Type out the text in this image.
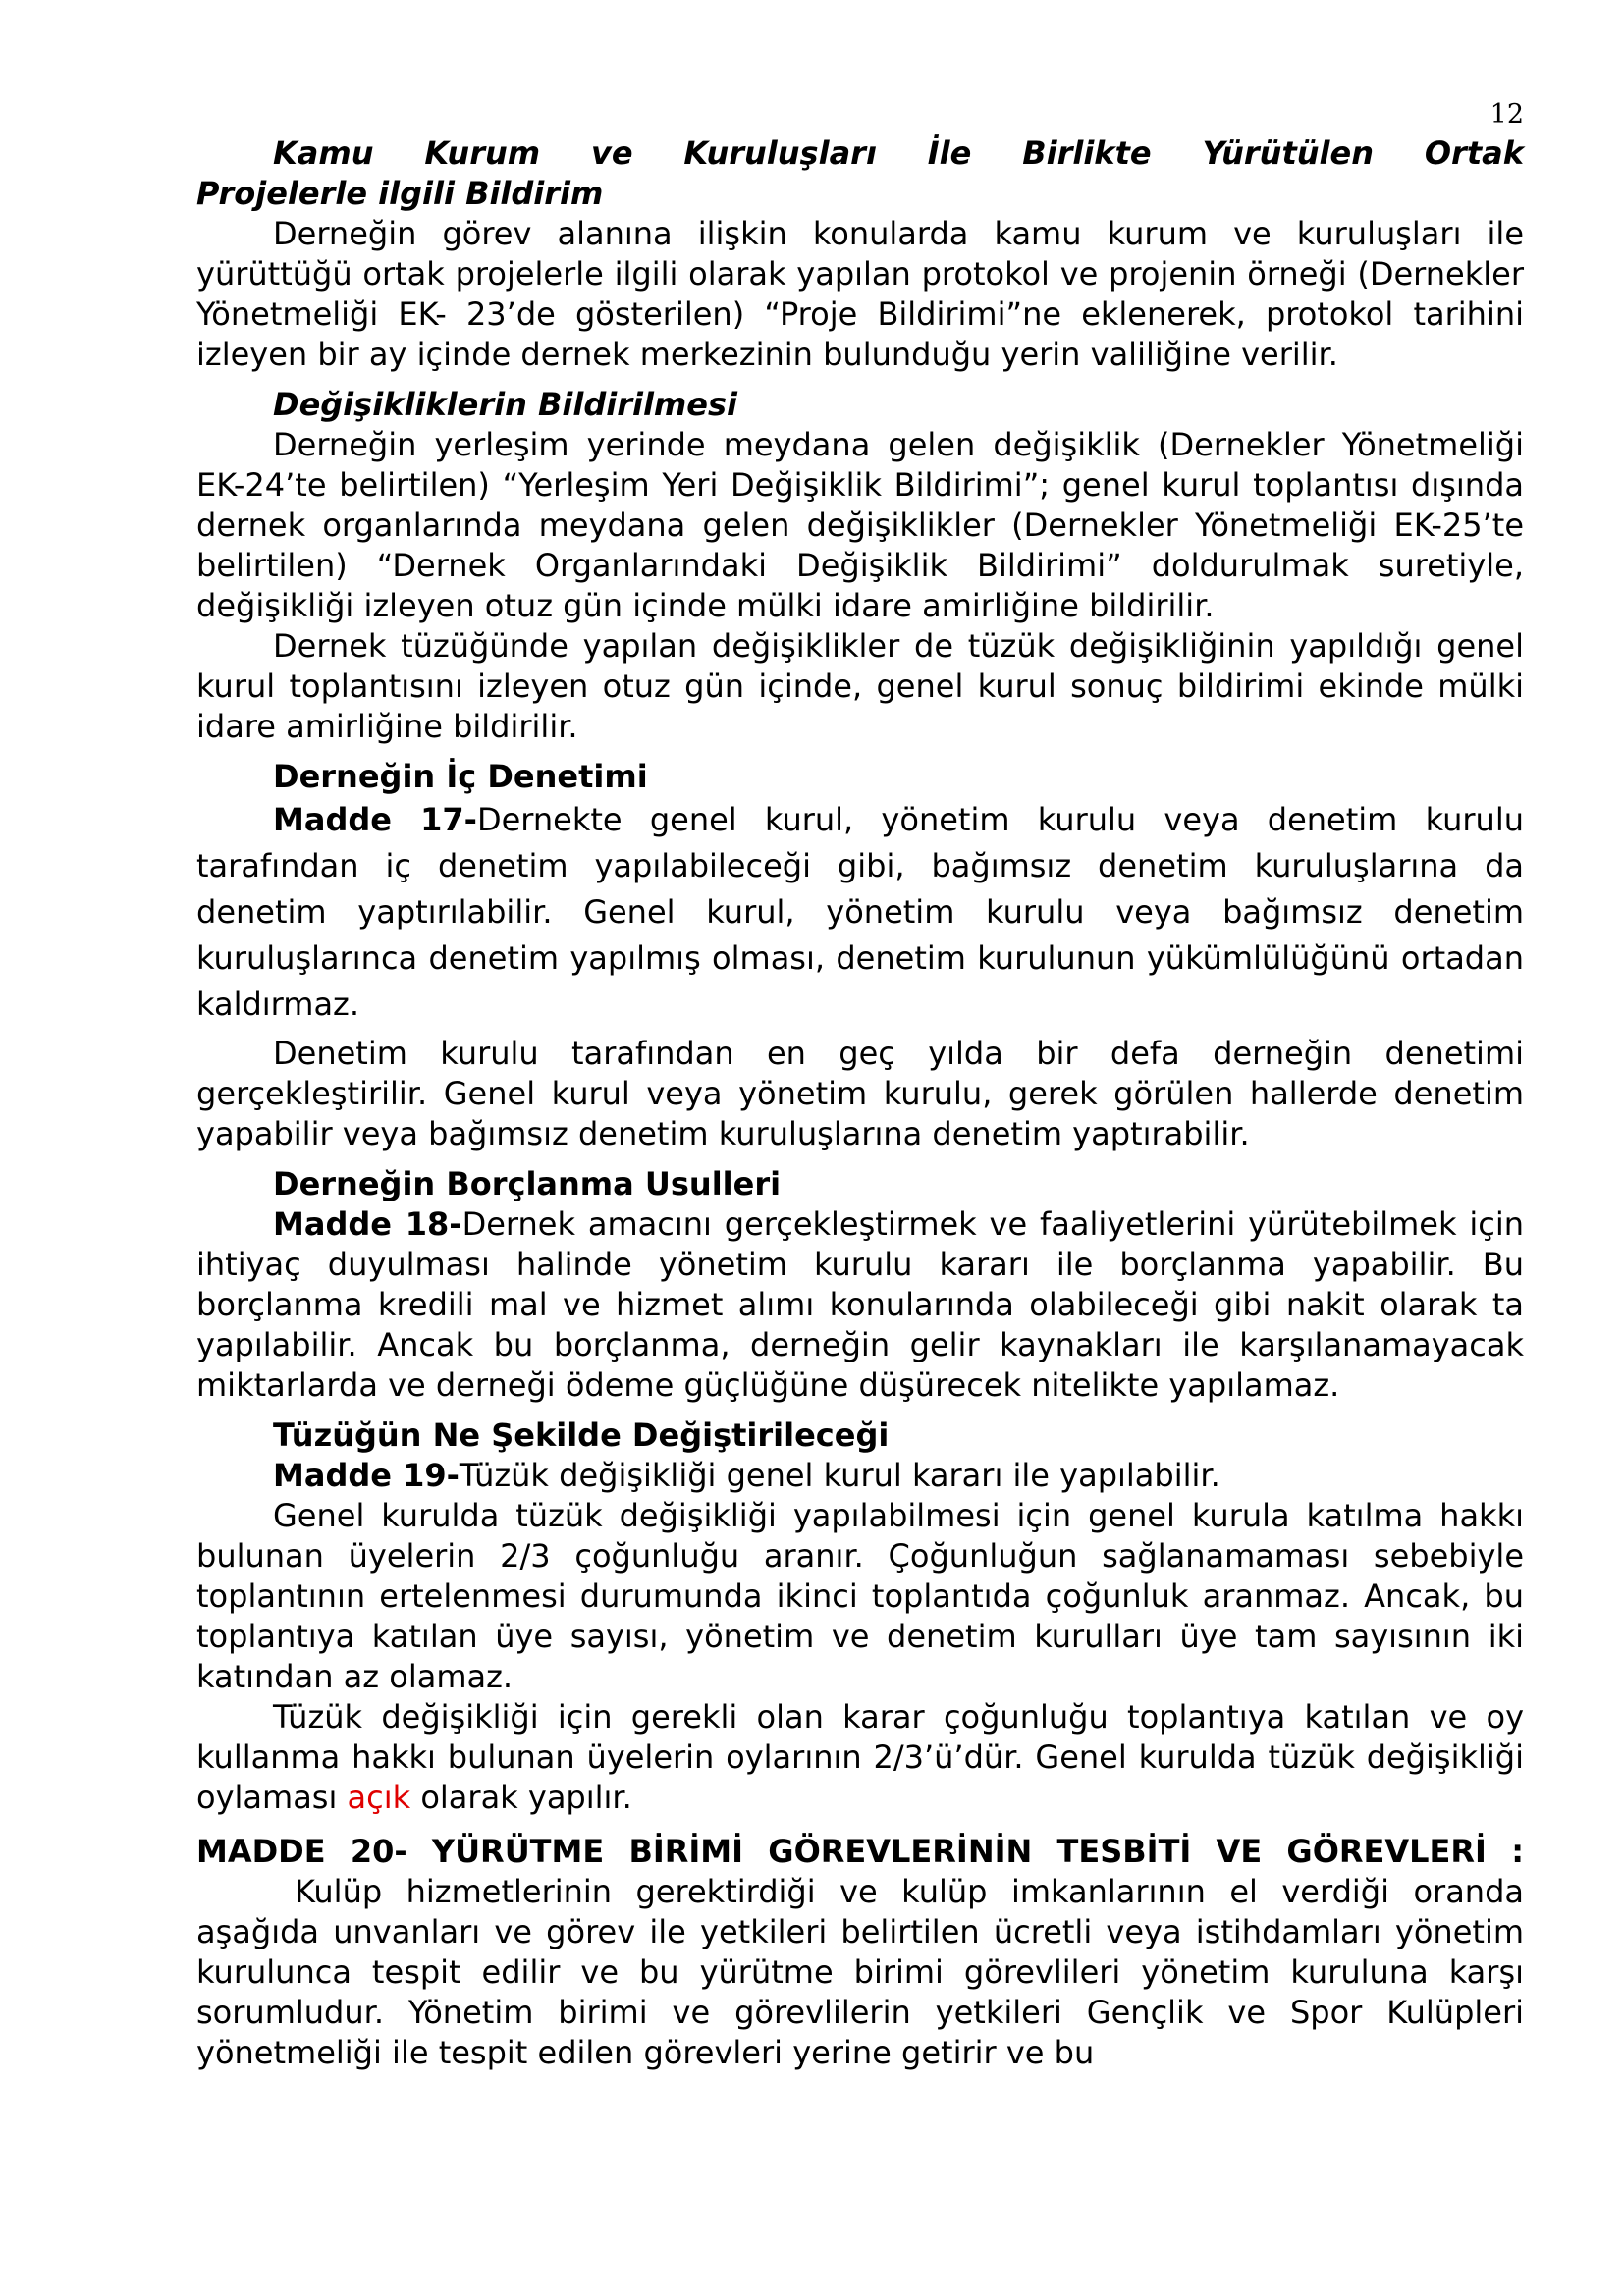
12

Kamu Kurum ve Kuruluşları İle Birlikte Yürütülen Ortak

Projelerle ilgili Bildirim

Derneğin görev alanına ilişkin konularda kamu kurum ve kuruluşları ile yürüttüğü ortak projelerle ilgili olarak yapılan protokol ve projenin örneği (Dernekler Yönetmeliği EK- 23’de gösterilen) “Proje Bildirimi”ne eklenerek, protokol tarihini izleyen bir ay içinde dernek merkezinin bulunduğu yerin valiliğine verilir.

Değişikliklerin Bildirilmesi

Derneğin yerleşim yerinde meydana gelen değişiklik (Dernekler Yönetmeliği EK-24’te belirtilen) “Yerleşim Yeri Değişiklik Bildirimi”; genel kurul toplantısı dışında dernek organlarında meydana gelen değişiklikler (Dernekler Yönetmeliği EK-25’te belirtilen) “Dernek Organlarındaki Değişiklik Bildirimi” doldurulmak suretiyle, değişikliği izleyen otuz gün içinde mülki idare amirliğine bildirilir.

Dernek tüzüğünde yapılan değişiklikler de tüzük değişikliğinin yapıldığı genel kurul toplantısını izleyen otuz gün içinde, genel kurul sonuç bildirimi ekinde mülki idare amirliğine bildirilir.

Derneğin İç Denetimi

Madde 17-Dernekte genel kurul, yönetim kurulu veya denetim kurulu tarafından iç denetim yapılabileceği gibi, bağımsız denetim kuruluşlarına da denetim yaptırılabilir. Genel kurul, yönetim kurulu veya bağımsız denetim kuruluşlarınca denetim yapılmış olması, denetim kurulunun yükümlülüğünü ortadan kaldırmaz.

Denetim kurulu tarafından en geç yılda bir defa derneğin denetimi gerçekleştirilir. Genel kurul veya yönetim kurulu, gerek görülen hallerde denetim yapabilir veya bağımsız denetim kuruluşlarına denetim yaptırabilir.

Derneğin Borçlanma Usulleri

Madde 18-Dernek amacını gerçekleştirmek ve faaliyetlerini yürütebilmek için ihtiyaç duyulması halinde yönetim kurulu kararı ile borçlanma yapabilir. Bu borçlanma kredili mal ve hizmet alımı konularında olabileceği gibi nakit olarak ta yapılabilir. Ancak bu borçlanma, derneğin gelir kaynakları ile karşılanamayacak miktarlarda ve derneği ödeme güçlüğüne düşürecek nitelikte yapılamaz.

Tüzüğün Ne Şekilde Değiştirileceği

Madde 19-Tüzük değişikliği genel kurul kararı ile yapılabilir.

Genel kurulda tüzük değişikliği yapılabilmesi için genel kurula katılma hakkı bulunan üyelerin 2/3 çoğunluğu aranır. Çoğunluğun sağlanamaması sebebiyle toplantının ertelenmesi durumunda ikinci toplantıda çoğunluk aranmaz. Ancak, bu toplantıya katılan üye sayısı, yönetim ve denetim kurulları üye tam sayısının iki katından az olamaz.

Tüzük değişikliği için gerekli olan karar çoğunluğu toplantıya katılan ve oy kullanma hakkı bulunan üyelerin oylarının 2/3’ü’dür. Genel kurulda tüzük değişikliği oylaması açık olarak yapılır.

MADDE 20- YÜRÜTME BİRİMİ GÖREVLERİNİN TESBİTİ VE GÖREVLERİ :

Kulüp hizmetlerinin gerektirdiği ve kulüp imkanlarının el verdiği oranda aşağıda unvanları ve görev ile yetkileri belirtilen ücretli veya istihdamları yönetim kurulunca tespit edilir ve bu yürütme birimi görevlileri yönetim kuruluna karşı sorumludur. Yönetim birimi ve görevlilerin yetkileri Gençlik ve Spor Kulüpleri yönetmeliği ile tespit edilen görevleri yerine getirir ve bu
